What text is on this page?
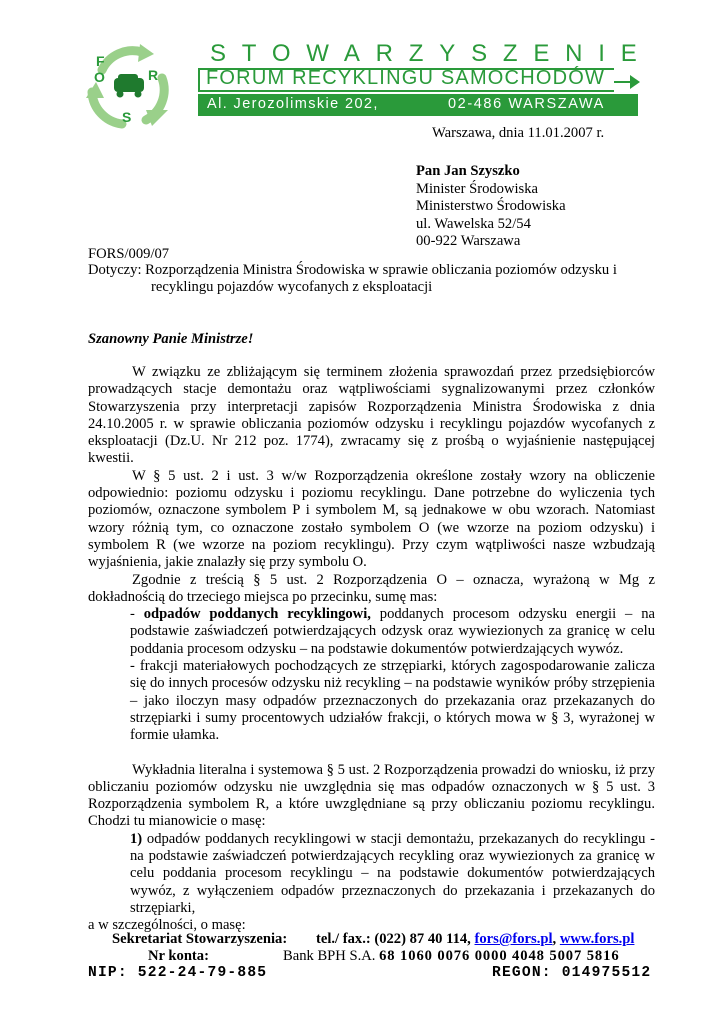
F
O	R
S
STOWARZYSZENIE
FORUM RECYKLINGU SAMOCHODÓW
Al. Jerozolimskie 202,	02-486 WARSZAWA
Warszawa, dnia 11.01.2007 r.
Pan Jan Szyszko
Minister Środowiska
Ministerstwo Środowiska
ul. Wawelska 52/54
00-922 Warszawa
FORS/009/07
Dotyczy: Rozporządzenia Ministra Środowiska w sprawie obliczania poziomów odzysku i
recyklingu pojazdów wycofanych z eksploatacji
Szanowny Panie Ministrze!

W związku ze zbliżającym się terminem złożenia sprawozdań przez przedsiębiorców prowadzących stacje demontażu oraz wątpliwościami sygnalizowanymi przez członków Stowarzyszenia przy interpretacji zapisów Rozporządzenia Ministra Środowiska z dnia 24.10.2005 r. w sprawie obliczania poziomów odzysku i recyklingu pojazdów wycofanych z eksploatacji (Dz.U. Nr 212 poz. 1774), zwracamy się z prośbą o wyjaśnienie następującej kwestii.

W § 5 ust. 2 i ust. 3 w/w Rozporządzenia określone zostały wzory na obliczenie odpowiednio: poziomu odzysku i poziomu recyklingu. Dane potrzebne do wyliczenia tych poziomów, oznaczone symbolem P i symbolem M, są jednakowe w obu wzorach. Natomiast wzory różnią tym, co oznaczone zostało symbolem O (we wzorze na poziom odzysku) i symbolem R (we wzorze na poziom recyklingu). Przy czym wątpliwości nasze wzbudzają wyjaśnienia, jakie znalazły się przy symbolu O.

Zgodnie z treścią § 5 ust. 2 Rozporządzenia O – oznacza, wyrażoną w Mg z dokładnością do trzeciego miejsca po przecinku, sumę mas:

- odpadów poddanych recyklingowi, poddanych procesom odzysku energii – na podstawie zaświadczeń potwierdzających odzysk oraz wywiezionych za granicę w celu poddania procesom odzysku – na podstawie dokumentów potwierdzających wywóz.

- frakcji materiałowych pochodzących ze strzępiarki, których zagospodarowanie zalicza się do innych procesów odzysku niż recykling – na podstawie wyników próby strzępienia – jako iloczyn masy odpadów przeznaczonych do przekazania oraz przekazanych do strzępiarki i sumy procentowych udziałów frakcji, o których mowa w § 3, wyrażonej w formie ułamka.

Wykładnia literalna i systemowa § 5 ust. 2 Rozporządzenia prowadzi do wniosku, iż przy obliczaniu poziomów odzysku nie uwzględnia się mas odpadów oznaczonych w § 5 ust. 3 Rozporządzenia symbolem R, a które uwzględniane są przy obliczaniu poziomu recyklingu. Chodzi tu mianowicie o masę:

1) odpadów poddanych recyklingowi w stacji demontażu, przekazanych do recyklingu - na podstawie zaświadczeń potwierdzających recykling oraz wywiezionych za granicę w celu poddania procesom recyklingu – na podstawie dokumentów potwierdzających wywóz, z wyłączeniem odpadów przeznaczonych do przekazania i przekazanych do strzępiarki,

a w szczególności, o masę:

Sekretariat Stowarzyszenia: tel./ fax.: (022) 87 40 114, fors@fors.pl, www.fors.pl
Nr konta:	Bank BPH S.A. 68 1060 0076 0000 4048 5007 5816
NIP: 522-24-79-885	REGON: 014975512
